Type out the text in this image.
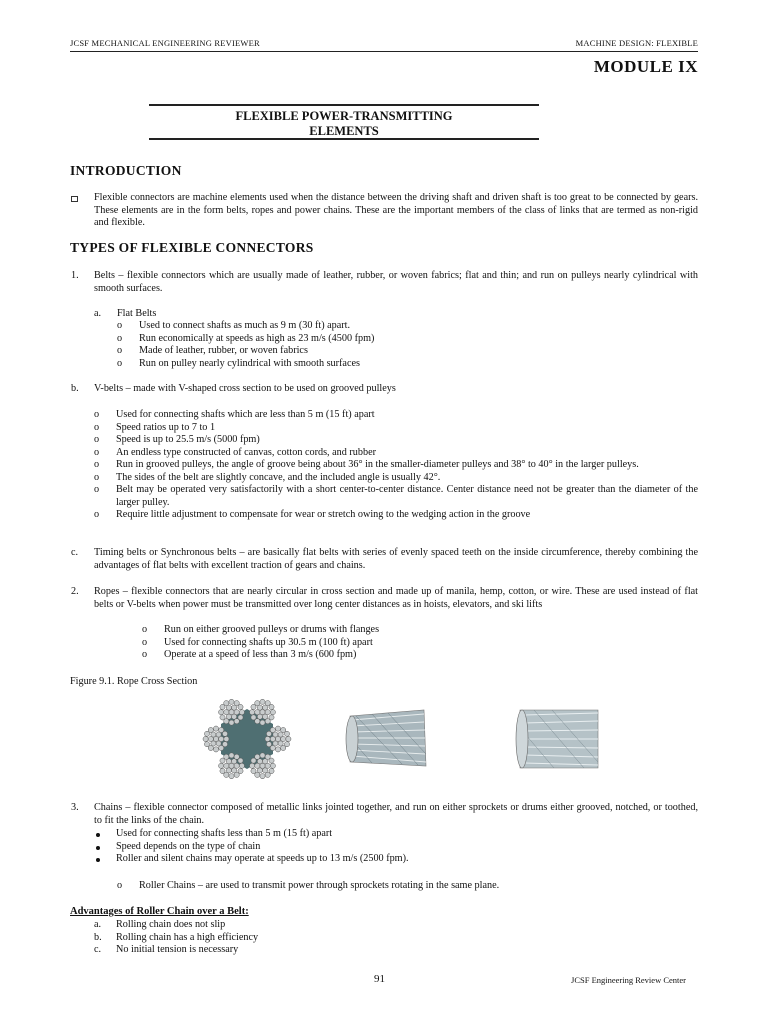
JCSF MECHANICAL ENGINEERING REVIEWER	MACHINE DESIGN: FLEXIBLE
MODULE IX
FLEXIBLE POWER-TRANSMITTING
ELEMENTS
INTRODUCTION
Flexible connectors are machine elements used when the distance between the driving shaft and driven shaft is too great to be connected by gears. These elements are in the form belts, ropes and power chains. These are the important members of the class of links that are termed as non-rigid and flexible.
TYPES OF FLEXIBLE CONNECTORS
1. Belts – flexible connectors which are usually made of leather, rubber, or woven fabrics; flat and thin; and run on pulleys nearly cylindrical with smooth surfaces.
a. Flat Belts
o Used to connect shafts as much as 9 m (30 ft) apart.
o Run economically at speeds as high as 23 m/s (4500 fpm)
o Made of leather, rubber, or woven fabrics
o Run on pulley nearly cylindrical with smooth surfaces
b. V-belts – made with V-shaped cross section to be used on grooved pulleys
o Used for connecting shafts which are less than 5 m (15 ft) apart
o Speed ratios up to 7 to 1
o Speed is up to 25.5 m/s (5000 fpm)
o An endless type constructed of canvas, cotton cords, and rubber
o Run in grooved pulleys, the angle of groove being about 36° in the smaller-diameter pulleys and 38° to 40° in the larger pulleys.
o The sides of the belt are slightly concave, and the included angle is usually 42°.
o Belt may be operated very satisfactorily with a short center-to-center distance. Center distance need not be greater than the diameter of the larger pulley.
o Require little adjustment to compensate for wear or stretch owing to the wedging action in the groove
c. Timing belts or Synchronous belts – are basically flat belts with series of evenly spaced teeth on the inside circumference, thereby combining the advantages of flat belts with excellent traction of gears and chains.
2. Ropes – flexible connectors that are nearly circular in cross section and made up of manila, hemp, cotton, or wire. These are used instead of flat belts or V-belts when power must be transmitted over long center distances as in hoists, elevators, and ski lifts
o Run on either grooved pulleys or drums with flanges
o Used for connecting shafts up 30.5 m (100 ft) apart
o Operate at a speed of less than 3 m/s (600 fpm)
Figure 9.1. Rope Cross Section
3. Chains – flexible connector composed of metallic links jointed together, and run on either sprockets or drums either grooved, notched, or toothed, to fit the links of the chain.
Used for connecting shafts less than 5 m (15 ft) apart
Speed depends on the type of chain
Roller and silent chains may operate at speeds up to 13 m/s (2500 fpm).
o Roller Chains – are used to transmit power through sprockets rotating in the same plane.
Advantages of Roller Chain over a Belt:
a. Rolling chain does not slip
b. Rolling chain has a high efficiency
c. No initial tension is necessary
91	JCSF Engineering Review Center
